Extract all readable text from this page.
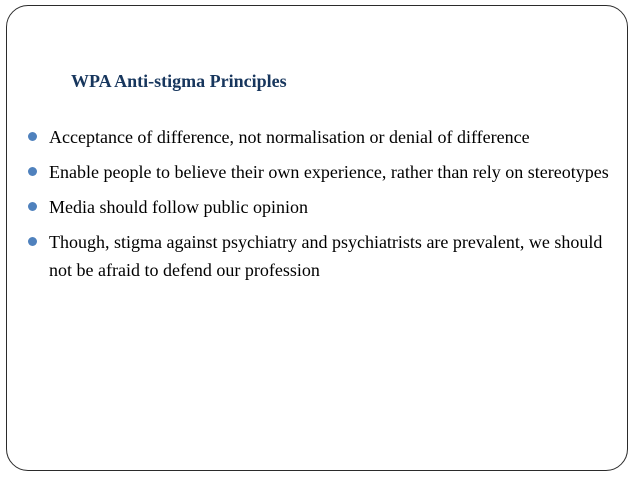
WPA Anti-stigma Principles
Acceptance of difference, not normalisation or denial of difference
Enable people to believe their own experience, rather than rely on stereotypes
Media should follow public opinion
Though, stigma against psychiatry and psychiatrists are prevalent, we should not be afraid to defend our profession
